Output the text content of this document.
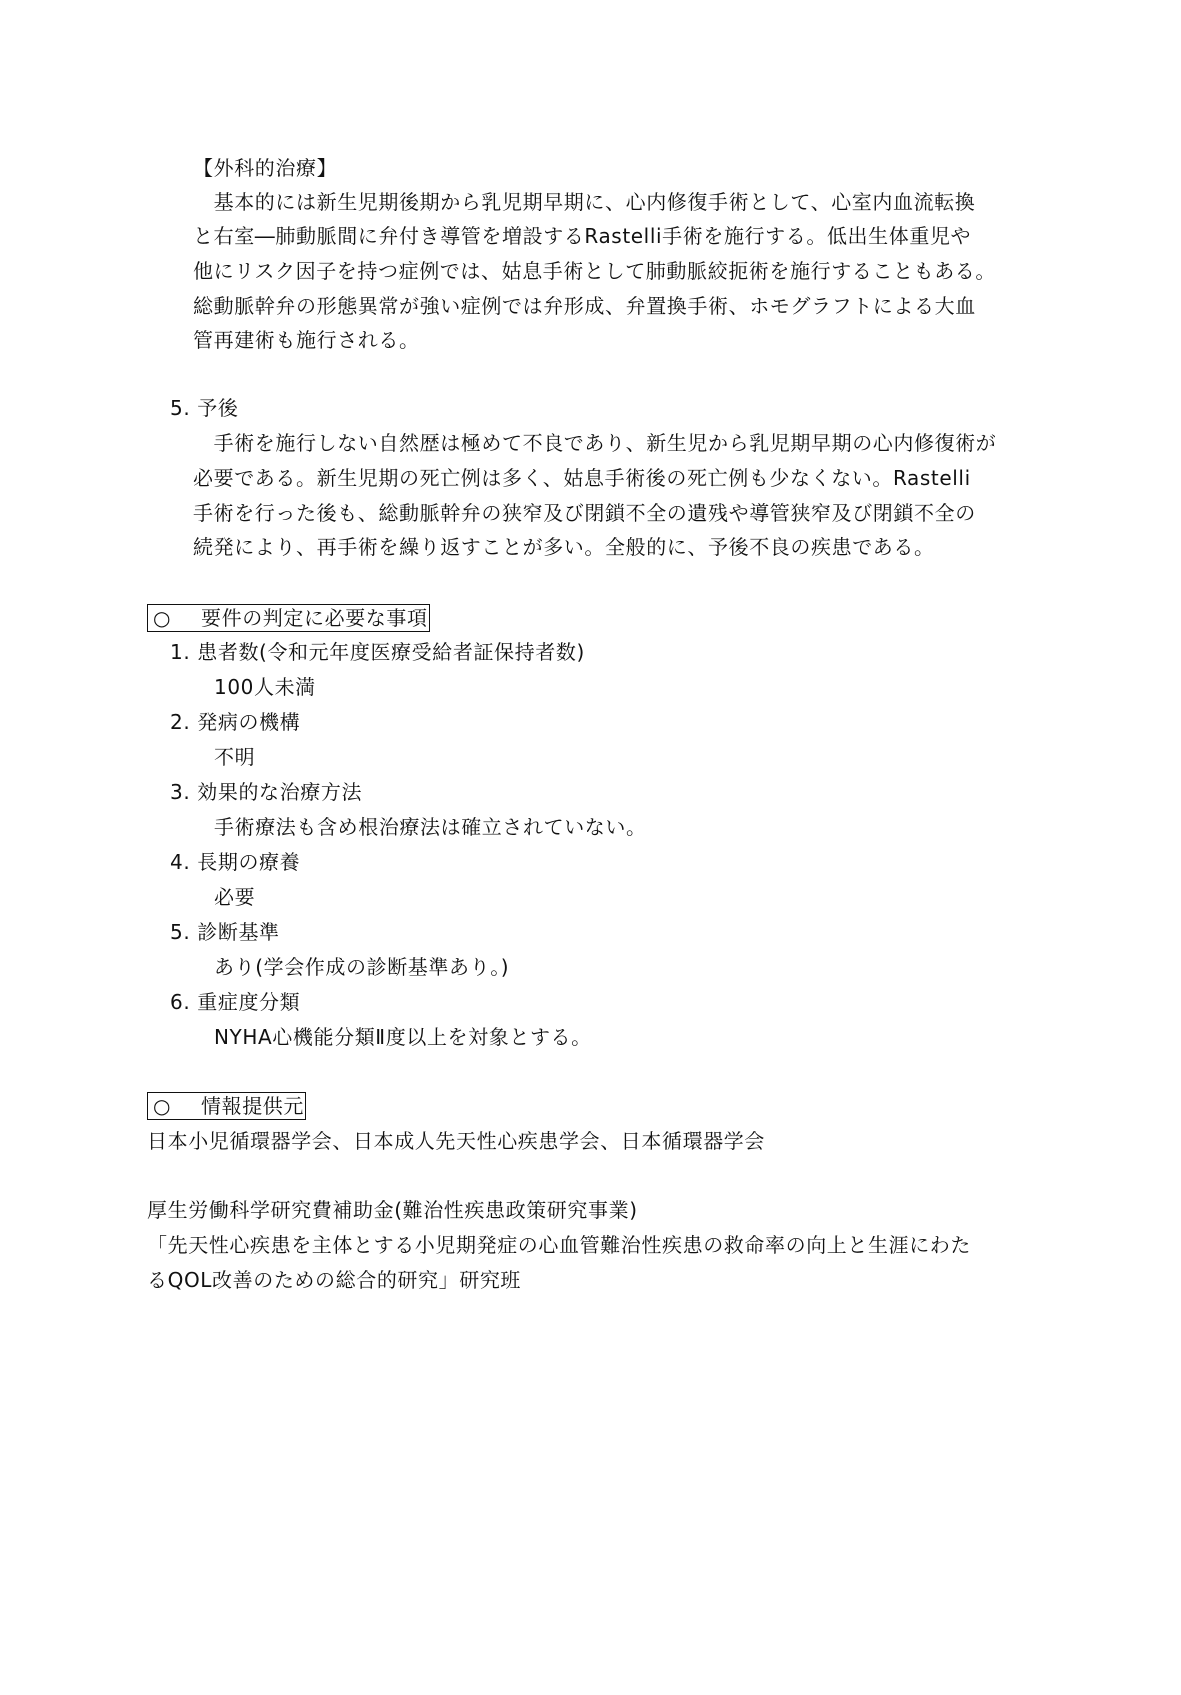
【外科的治療】
　基本的には新生児期後期から乳児期早期に、心内修復手術として、心室内血流転換
と右室―肺動脈間に弁付き導管を増設するRastelli手術を施行する。低出生体重児や
他にリスク因子を持つ症例では、姑息手術として肺動脈絞扼術を施行することもある。
総動脈幹弁の形態異常が強い症例では弁形成、弁置換手術、ホモグラフトによる大血
管再建術も施行される。
5. 予後
　手術を施行しない自然歴は極めて不良であり、新生児から乳児期早期の心内修復術が
必要である。新生児期の死亡例は多く、姑息手術後の死亡例も少なくない。Rastelli
手術を行った後も、総動脈幹弁の狭窄及び閉鎖不全の遺残や導管狭窄及び閉鎖不全の
続発により、再手術を繰り返すことが多い。全般的に、予後不良の疾患である。
○ 要件の判定に必要な事項
1. 患者数(令和元年度医療受給者証保持者数)
100人未満
2. 発病の機構
不明
3. 効果的な治療方法
手術療法も含め根治療法は確立されていない。
4. 長期の療養
必要
5. 診断基準
あり(学会作成の診断基準あり。)
6. 重症度分類
NYHA心機能分類Ⅱ度以上を対象とする。
○ 情報提供元
日本小児循環器学会、日本成人先天性心疾患学会、日本循環器学会
厚生労働科学研究費補助金(難治性疾患政策研究事業)
「先天性心疾患を主体とする小児期発症の心血管難治性疾患の救命率の向上と生涯にわた
るQOL改善のための総合的研究」研究班
